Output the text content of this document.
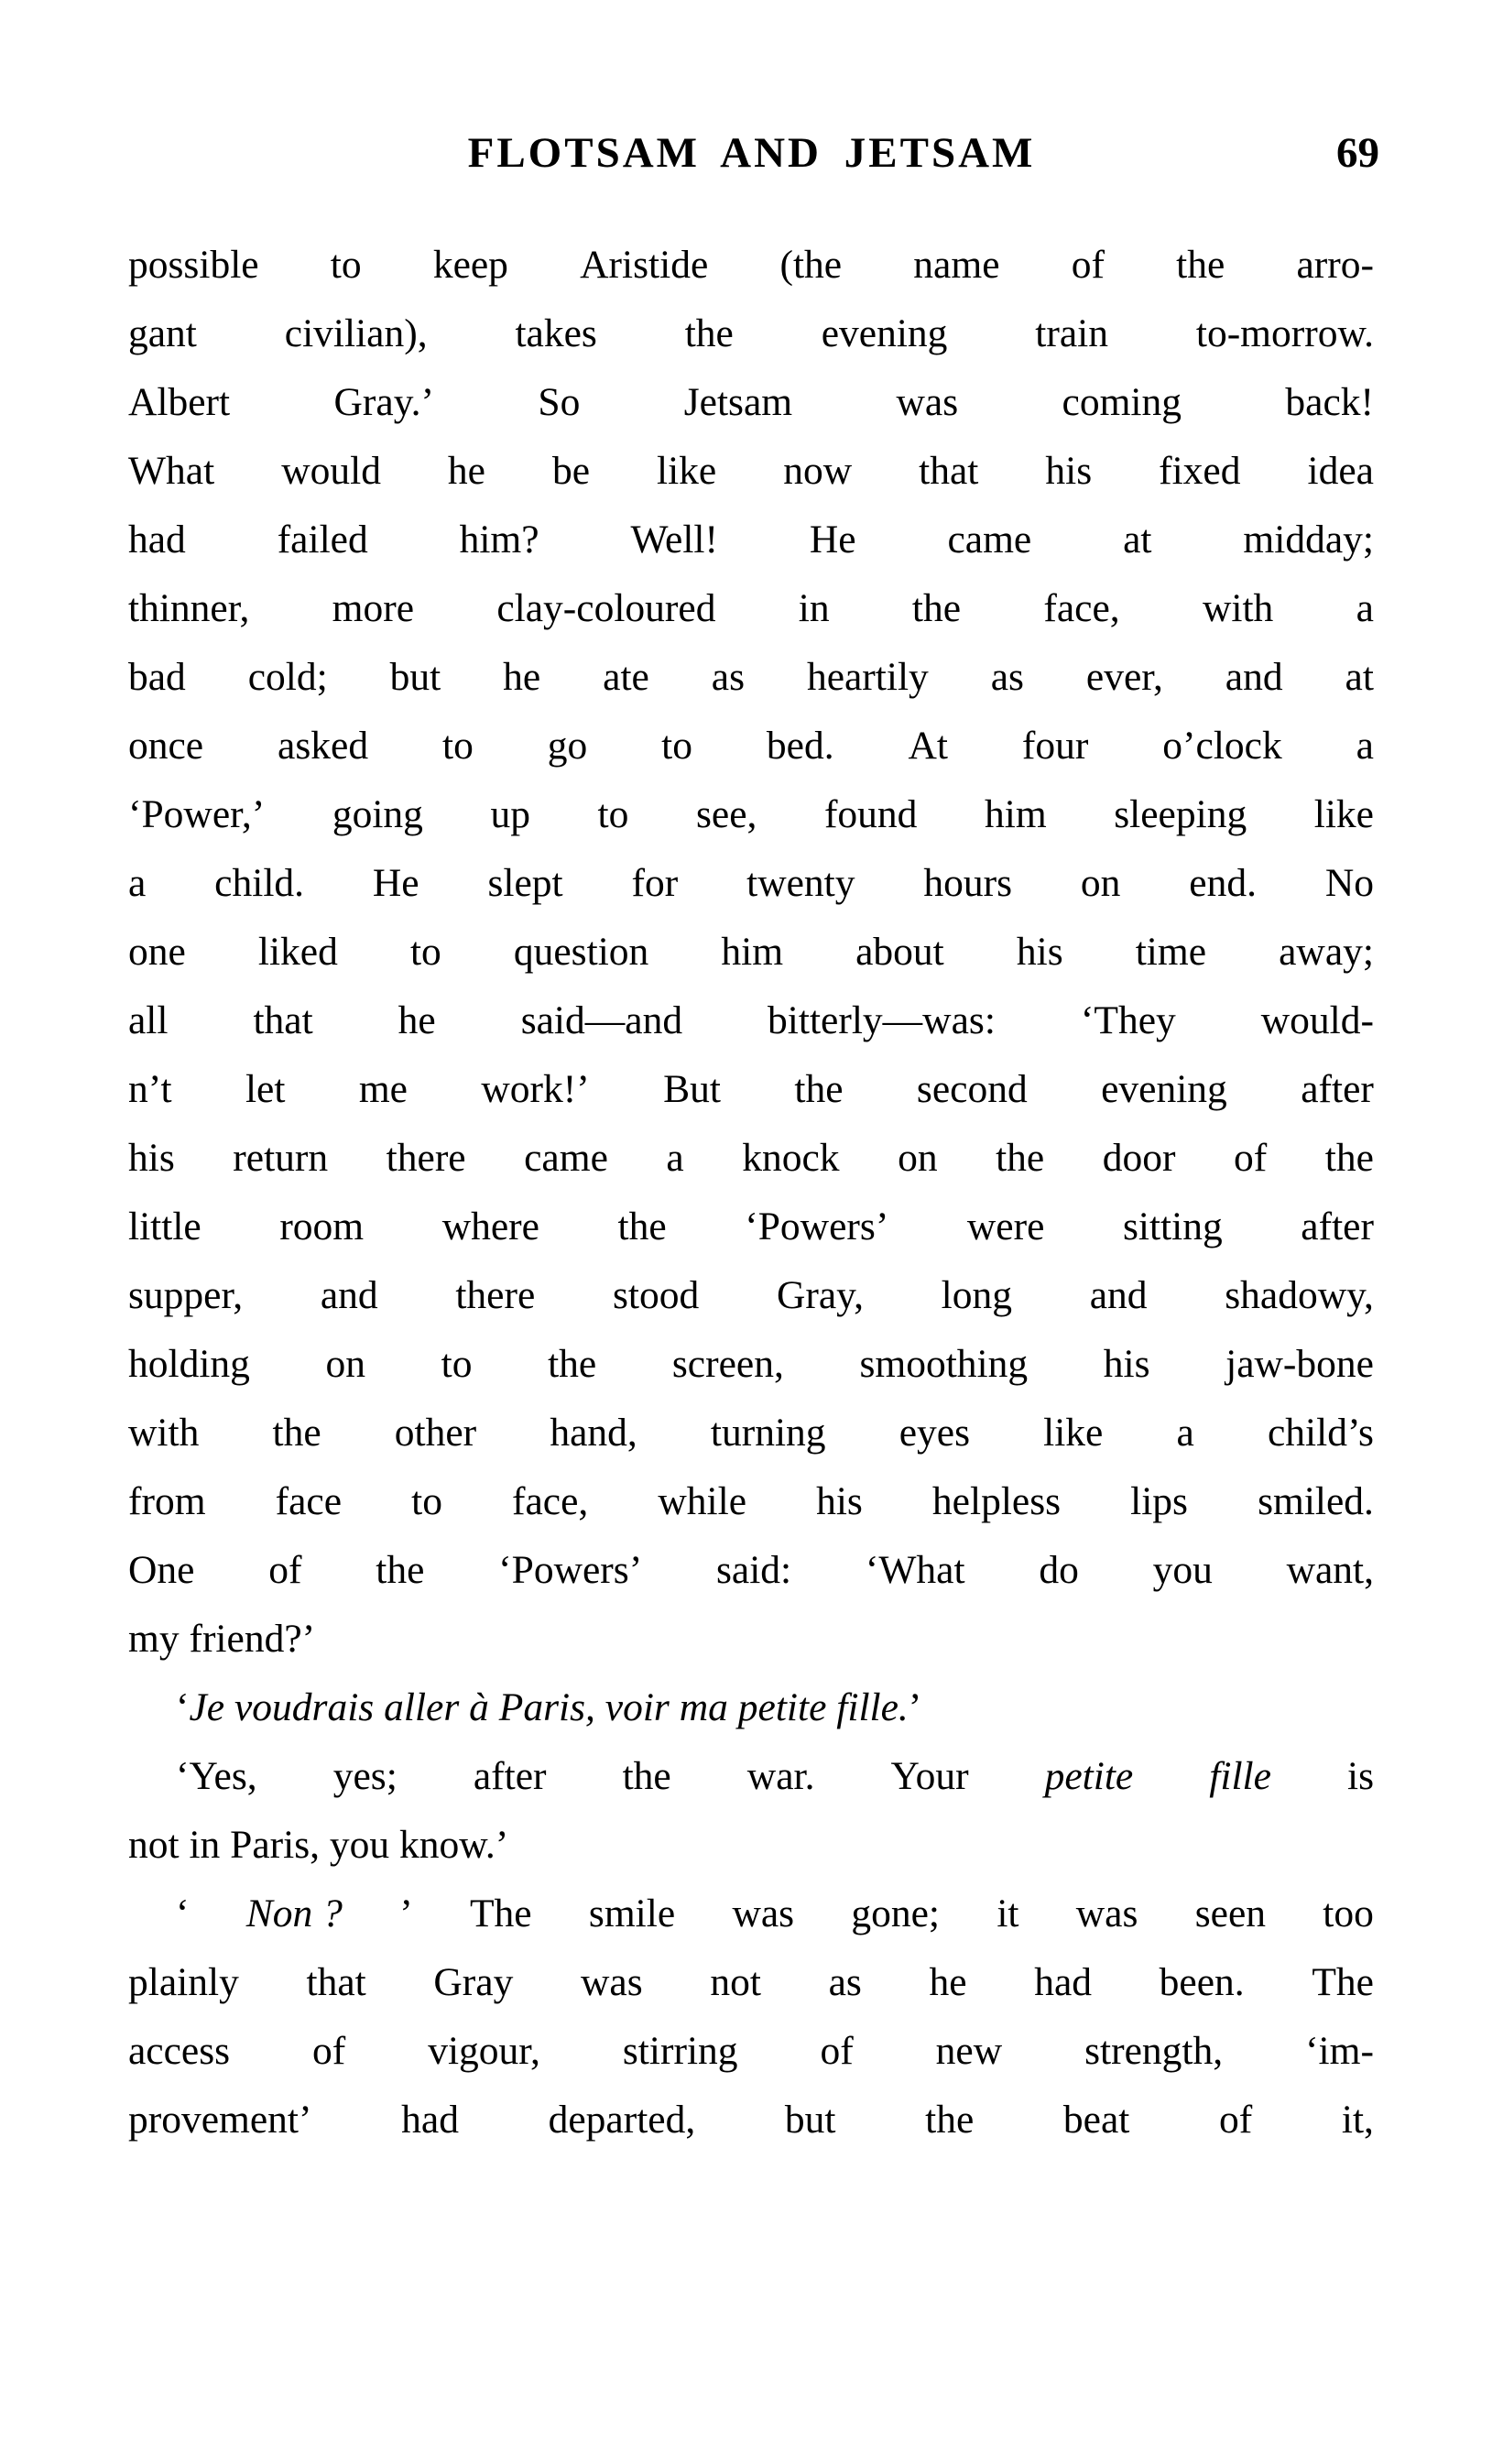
FLOTSAM AND JETSAM	69
possible to keep Aristide (the name of the arro-
gant civilian), takes the evening train to-morrow.
Albert	Gray.’	So	Jetsam	was	coming	back!
What would he be like now that his fixed idea
had failed him? Well! He came at midday;
thinner, more clay-coloured in the face, with a
bad cold; but he ate as heartily as ever, and at
once asked to go to bed. At four o’clock a
‘Power,’ going up to see, found him sleeping like
a child. He slept for twenty hours on end. No
one liked to question him about his time away;
all that he said—and bitterly—was: ‘They would-
n’t let me work!’ But the second evening after
his return there came a knock on the door of the
little room where the ‘Powers’ were sitting after
supper, and there stood Gray, long and shadowy,
holding on to the screen, smoothing his jaw-bone
with the other hand, turning eyes like a child’s
from face to face, while his helpless lips smiled.
One of the ‘Powers’ said: ‘What do you want,
my friend?’
‘Je voudrais aller à Paris, voir ma petite fille.’
‘Yes, yes; after the war. Your petite fille is
not in Paris, you know.’
‘ Non ? ’ The smile was gone; it was seen too
plainly that Gray was not as he had been. The
access of vigour, stirring of new strength, ‘im-
provement’ had departed, but the beat of it,
